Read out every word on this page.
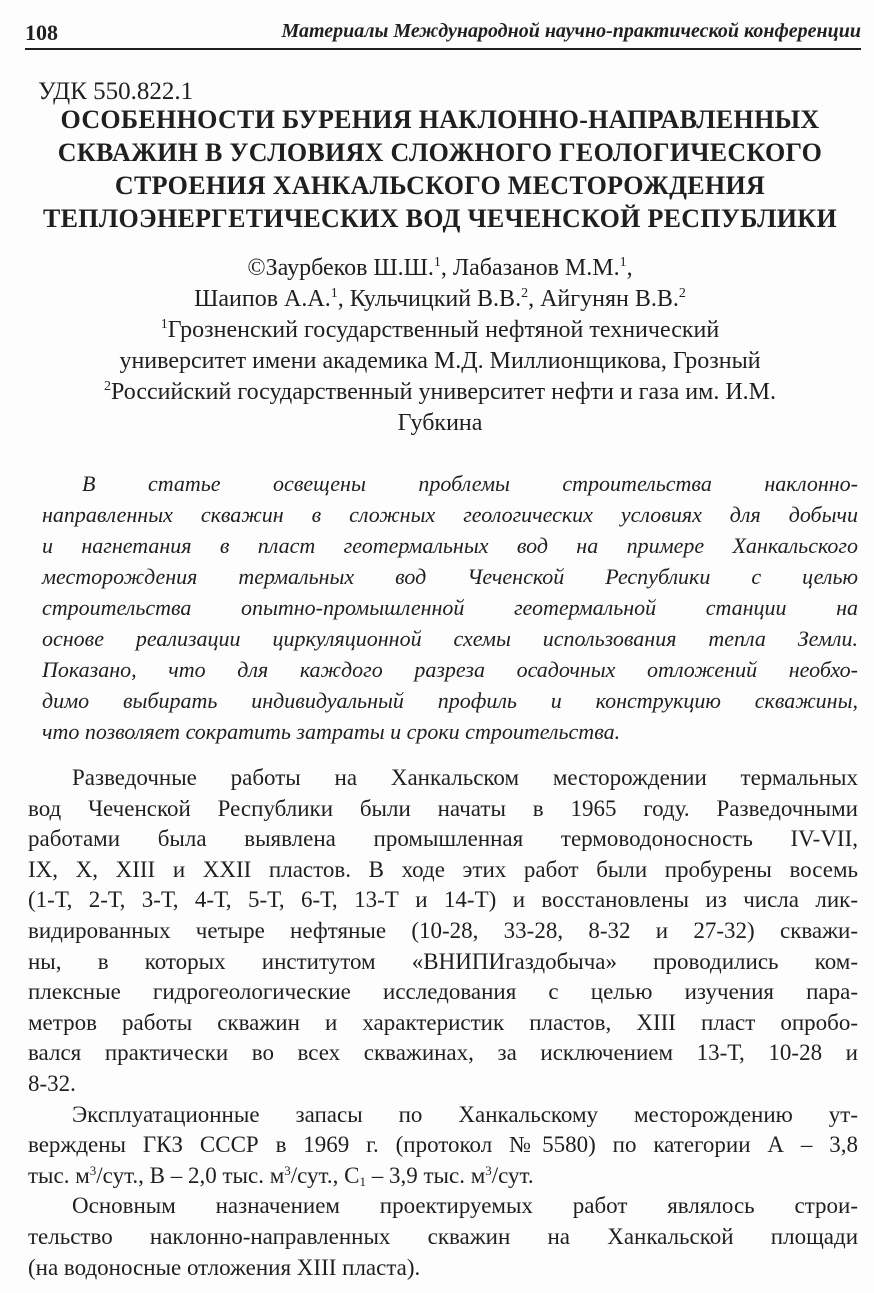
108	Материалы Международной научно-практической конференции
УДК 550.822.1
ОСОБЕННОСТИ БУРЕНИЯ НАКЛОННО-НАПРАВЛЕННЫХ
СКВАЖИН В УСЛОВИЯХ СЛОЖНОГО ГЕОЛОГИЧЕСКОГО
СТРОЕНИЯ ХАНКАЛЬСКОГО МЕСТОРОЖДЕНИЯ
ТЕПЛОЭНЕРГЕТИЧЕСКИХ ВОД ЧЕЧЕНСКОЙ РЕСПУБЛИКИ
©Заурбеков Ш.Ш.$^1$, Лабазанов М.М.$^1$,
Шаипов А.А.$^1$, Кульчицкий В.В.$^2$, Айгунян В.В.$^2$
$^1$Грозненский государственный нефтяной технический
университет имени академика М.Д. Миллионщикова, Грозный
$^2$Российский государственный университет нефти и газа им. И.М.
Губкина
В статье освещены проблемы строительства наклонно-
направленных скважин в сложных геологических условиях для добычи
и нагнетания в пласт геотермальных вод на примере Ханкальского
месторождения термальных вод Чеченской Республики с целью
строительства опытно-промышленной геотермальной станции на
основе реализации циркуляционной схемы использования тепла Земли.
Показано, что для каждого разреза осадочных отложений необхо-
димо выбирать индивидуальный профиль и конструкцию скважины,
что позволяет сократить затраты и сроки строительства.
Разведочные работы на Ханкальском месторождении термальных
вод Чеченской Республики были начаты в 1965 году. Разведочными
работами была выявлена промышленная термоводоносность IV-VII,
IX, X, XIII и XXII пластов. В ходе этих работ были пробурены восемь
(1-Т, 2-Т, 3-Т, 4-Т, 5-Т, 6-Т, 13-Т и 14-Т) и восстановлены из числа лик-
видированных четыре нефтяные (10-28, 33-28, 8-32 и 27-32) скважи-
ны, в которых институтом «ВНИПИгаздобыча» проводились ком-
плексные гидрогеологические исследования с целью изучения пара-
метров работы скважин и характеристик пластов, XIII пласт опробо-
вался практически во всех скважинах, за исключением 13-Т, 10-28 и
8-32.
Эксплуатационные запасы по Ханкальскому месторождению ут-
верждены ГКЗ СССР в 1969 г. (протокол №5580) по категории А – 3,8
тыс. $м^3$/сут., В – 2,0 тыс. $м^3$/сут., $С_1 - 3,9$ тыс. $м^3$/сут.
Основным назначением проектируемых работ являлось строи-
тельство наклонно-направленных скважин на Ханкальской площади
(на водоносные отложения XIII пласта).
